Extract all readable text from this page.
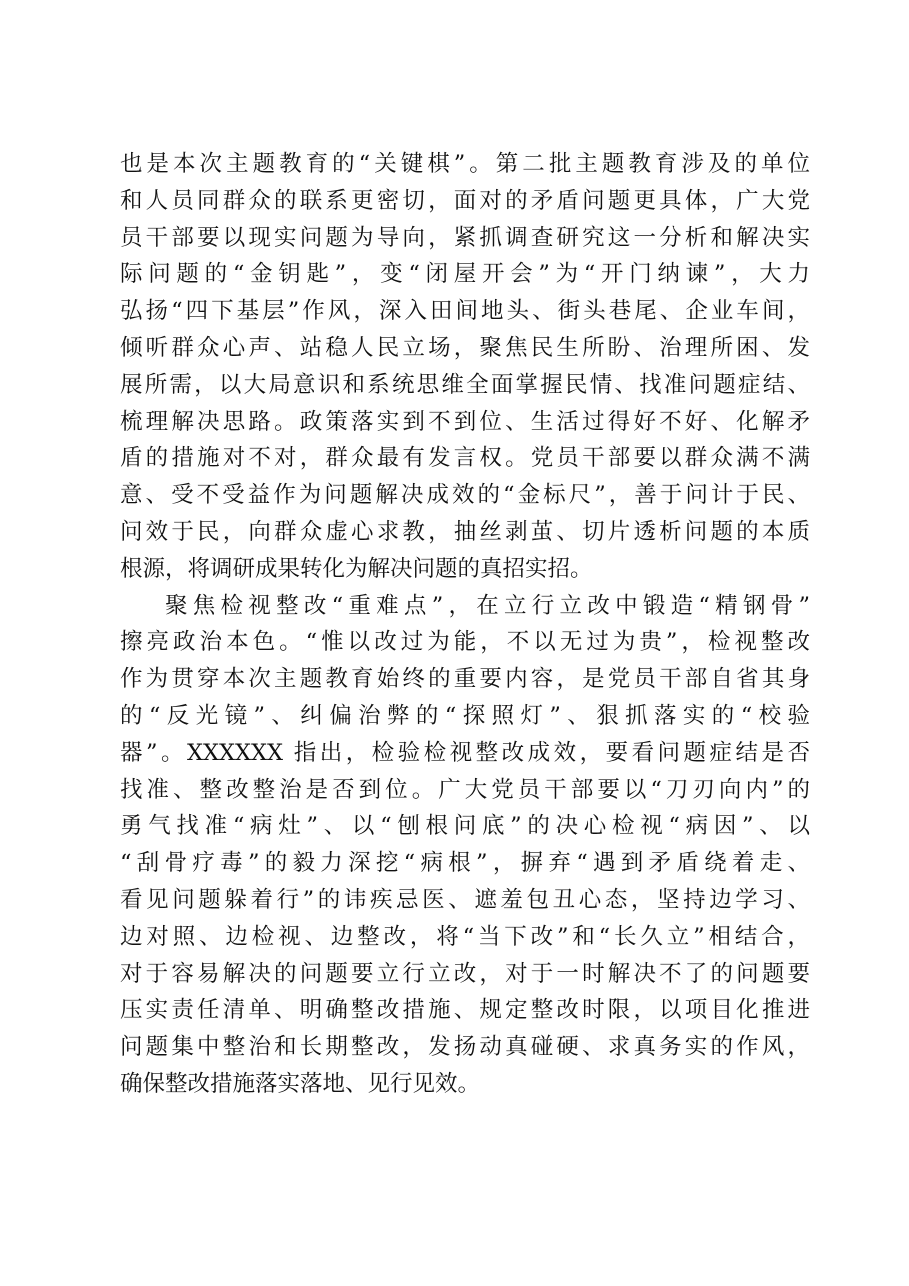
也是本次主题教育的“关键棋”。第二批主题教育涉及的单位
和人员同群众的联系更密切，面对的矛盾问题更具体，广大党
员干部要以现实问题为导向，紧抓调查研究这一分析和解决实
际问题的“金钥匙”，变“闭屋开会”为“开门纳谏”，大力
弘扬“四下基层”作风，深入田间地头、街头巷尾、企业车间，
倾听群众心声、站稳人民立场，聚焦民生所盼、治理所困、发
展所需，以大局意识和系统思维全面掌握民情、找准问题症结、
梳理解决思路。政策落实到不到位、生活过得好不好、化解矛
盾的措施对不对，群众最有发言权。党员干部要以群众满不满
意、受不受益作为问题解决成效的“金标尺”，善于问计于民、
问效于民，向群众虚心求教，抽丝剥茧、切片透析问题的本质
根源，将调研成果转化为解决问题的真招实招。
聚焦检视整改“重难点”，在立行立改中锻造“精钢骨”
擦亮政治本色。“惟以改过为能，不以无过为贵”，检视整改
作为贯穿本次主题教育始终的重要内容，是党员干部自省其身
的“反光镜”、纠偏治弊的“探照灯”、狠抓落实的“校验
器”。XXXXXX 指出，检验检视整改成效，要看问题症结是否
找准、整改整治是否到位。广大党员干部要以“刀刃向内”的
勇气找准“病灶”、以“刨根问底”的决心检视“病因”、以
“刮骨疗毒”的毅力深挖“病根”，摒弃“遇到矛盾绕着走、
看见问题躲着行”的讳疾忌医、遮羞包丑心态，坚持边学习、
边对照、边检视、边整改，将“当下改”和“长久立”相结合，
对于容易解决的问题要立行立改，对于一时解决不了的问题要
压实责任清单、明确整改措施、规定整改时限，以项目化推进
问题集中整治和长期整改，发扬动真碰硬、求真务实的作风，
确保整改措施落实落地、见行见效。
